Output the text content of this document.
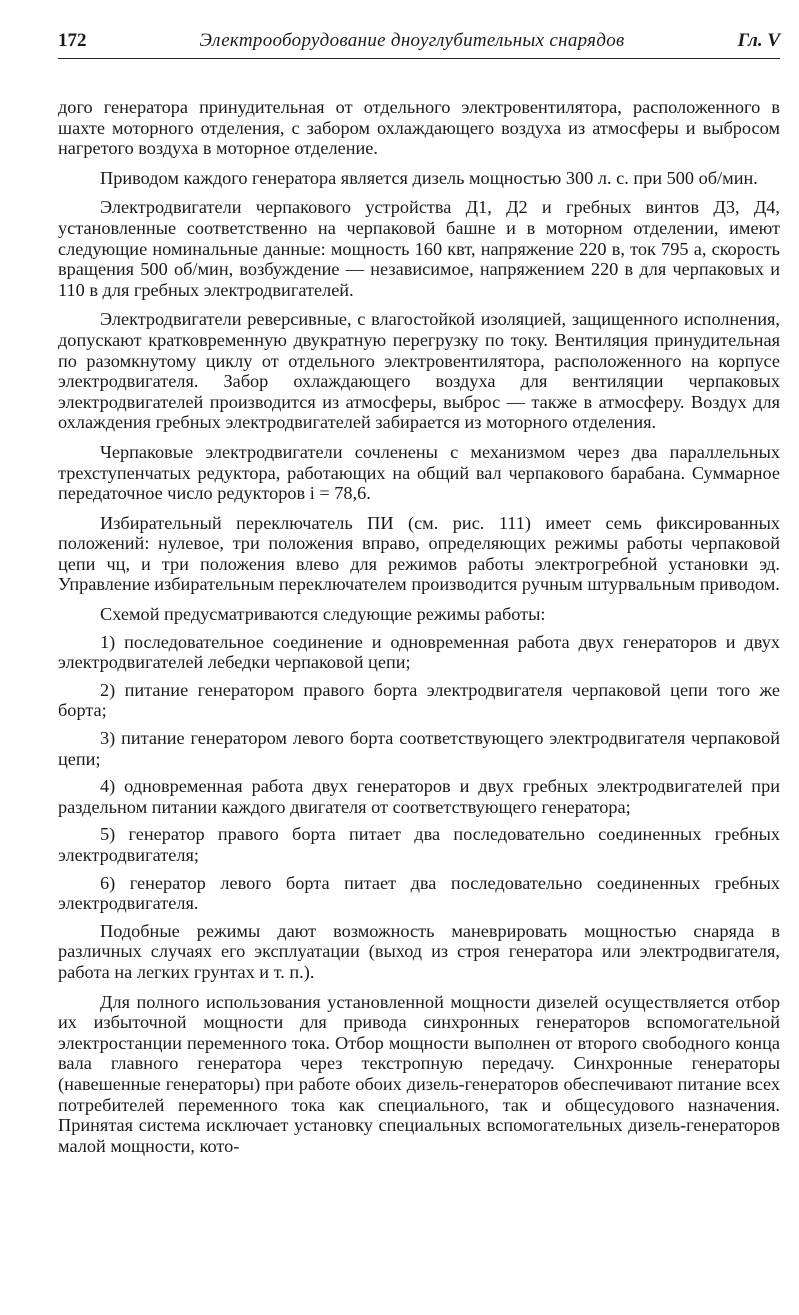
172	Электрооборудование дноуглубительных снарядов	Гл. V

дого генератора принудительная от отдельного электровентилятора, расположенного в шахте моторного отделения, с забором охлаждающего воздуха из атмосферы и выбросом нагретого воздуха в моторное отделение.

Приводом каждого генератора является дизель мощностью 300 л. с. при 500 об/мин.

Электродвигатели черпакового устройства Д1, Д2 и гребных винтов Д3, Д4, установленные соответственно на черпаковой башне и в моторном отделении, имеют следующие номинальные данные: мощность 160 квт, напряжение 220 в, ток 795 а, скорость вращения 500 об/мин, возбуждение — независимое, напряжением 220 в для черпаковых и 110 в для гребных электродвигателей.

Электродвигатели реверсивные, с влагостойкой изоляцией, защищенного исполнения, допускают кратковременную двукратную перегрузку по току. Вентиляция принудительная по разомкнутому циклу от отдельного электровентилятора, расположенного на корпусе электродвигателя. Забор охлаждающего воздуха для вентиляции черпаковых электродвигателей производится из атмосферы, выброс — также в атмосферу. Воздух для охлаждения гребных электродвигателей забирается из моторного отделения.

Черпаковые электродвигатели сочленены с механизмом через два параллельных трехступенчатых редуктора, работающих на общий вал черпакового барабана. Суммарное передаточное число редукторов i = 78,6.

Избирательный переключатель ПИ (см. рис. 111) имеет семь фиксированных положений: нулевое, три положения вправо, определяющих режимы работы черпаковой цепи чц, и три положения влево для режимов работы электрогребной установки эд. Управление избирательным переключателем производится ручным штурвальным приводом.

Схемой предусматриваются следующие режимы работы:

1) последовательное соединение и одновременная работа двух генераторов и двух электродвигателей лебедки черпаковой цепи;

2) питание генератором правого борта электродвигателя черпаковой цепи того же борта;

3) питание генератором левого борта соответствующего электродвигателя черпаковой цепи;

4) одновременная работа двух генераторов и двух гребных электродвигателей при раздельном питании каждого двигателя от соответствующего генератора;

5) генератор правого борта питает два последовательно соединенных гребных электродвигателя;

6) генератор левого борта питает два последовательно соединенных гребных электродвигателя.

Подобные режимы дают возможность маневрировать мощностью снаряда в различных случаях его эксплуатации (выход из строя генератора или электродвигателя, работа на легких грунтах и т. п.).

Для полного использования установленной мощности дизелей осуществляется отбор их избыточной мощности для привода синхронных генераторов вспомогательной электростанции переменного тока. Отбор мощности выполнен от второго свободного конца вала главного генератора через текстропную передачу. Синхронные генераторы (навешенные генераторы) при работе обоих дизель-генераторов обеспечивают питание всех потребителей переменного тока как специального, так и общесудового назначения. Принятая система исключает установку специальных вспомогательных дизель-генераторов малой мощности, кото-
